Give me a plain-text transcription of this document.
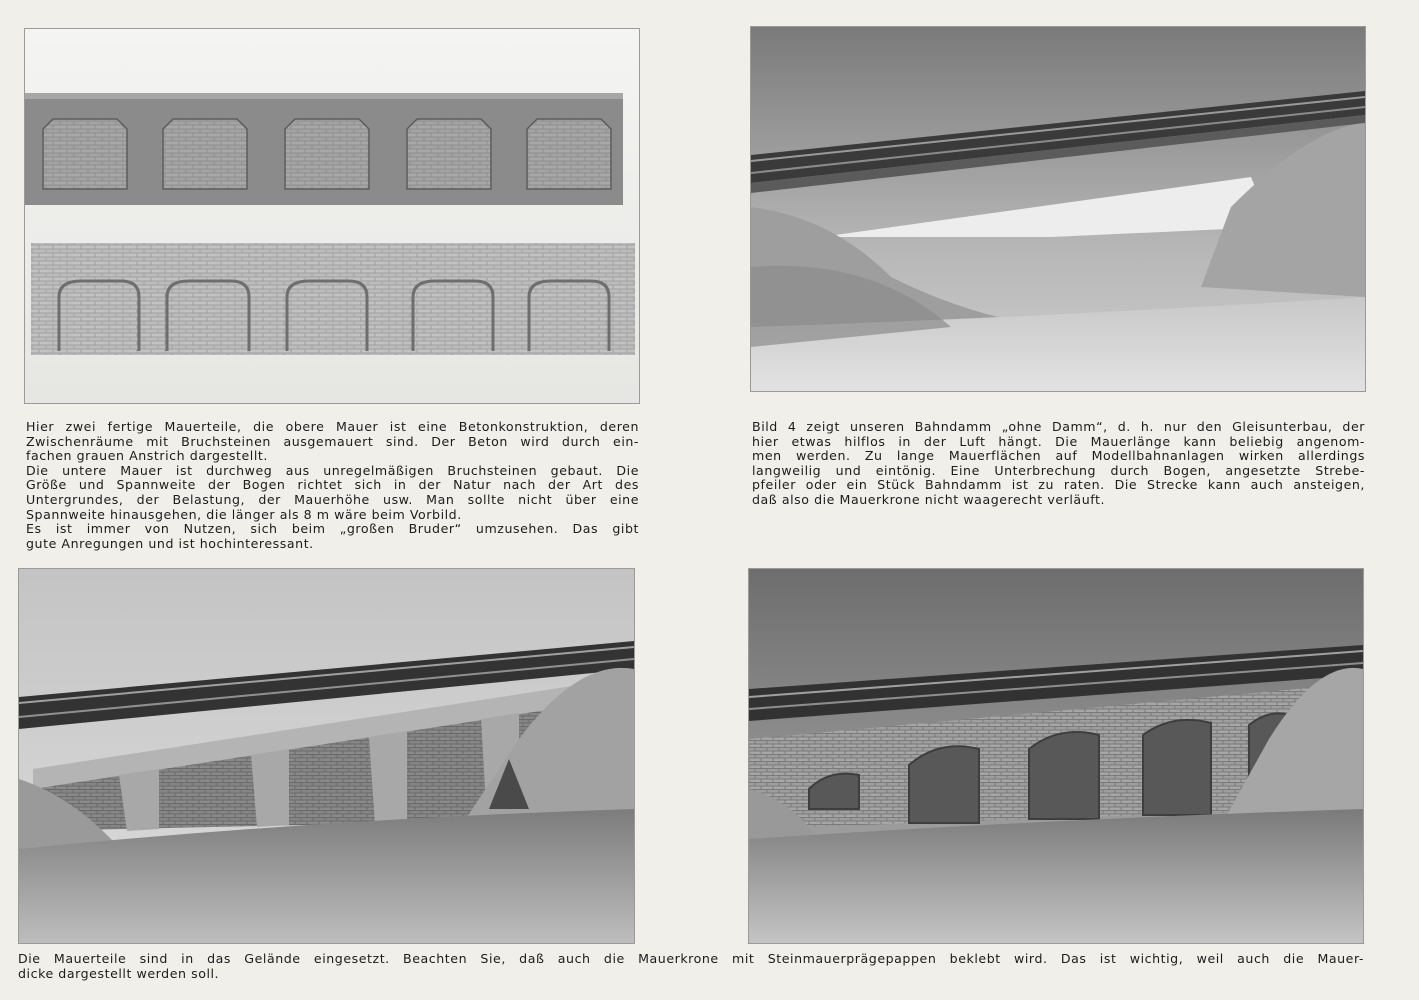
Hier zwei fertige Mauerteile, die obere Mauer ist eine Betonkonstruktion, deren

Zwischenräume mit Bruchsteinen ausgemauert sind. Der Beton wird durch ein-

fachen grauen Anstrich dargestellt.

Die untere Mauer ist durchweg aus unregelmäßigen Bruchsteinen gebaut. Die

Größe und Spannweite der Bogen richtet sich in der Natur nach der Art des

Untergrundes, der Belastung, der Mauerhöhe usw. Man sollte nicht über eine

Spannweite hinausgehen, die länger als 8 m wäre beim Vorbild.

Es ist immer von Nutzen, sich beim „großen Bruder“ umzusehen. Das gibt

gute Anregungen und ist hochinteressant.

Bild 4 zeigt unseren Bahndamm „ohne Damm“, d. h. nur den Gleisunterbau, der

hier etwas hilflos in der Luft hängt. Die Mauerlänge kann beliebig angenom-

men werden. Zu lange Mauerflächen auf Modellbahnanlagen wirken allerdings

langweilig und eintönig. Eine Unterbrechung durch Bogen, angesetzte Strebe-

pfeiler oder ein Stück Bahndamm ist zu raten. Die Strecke kann auch ansteigen,

daß also die Mauerkrone nicht waagerecht verläuft.

Die Mauerteile sind in das Gelände eingesetzt. Beachten Sie, daß auch die Mauerkrone mit Steinmauerprägepappen beklebt wird. Das ist wichtig, weil auch die Mauer-

dicke dargestellt werden soll.
